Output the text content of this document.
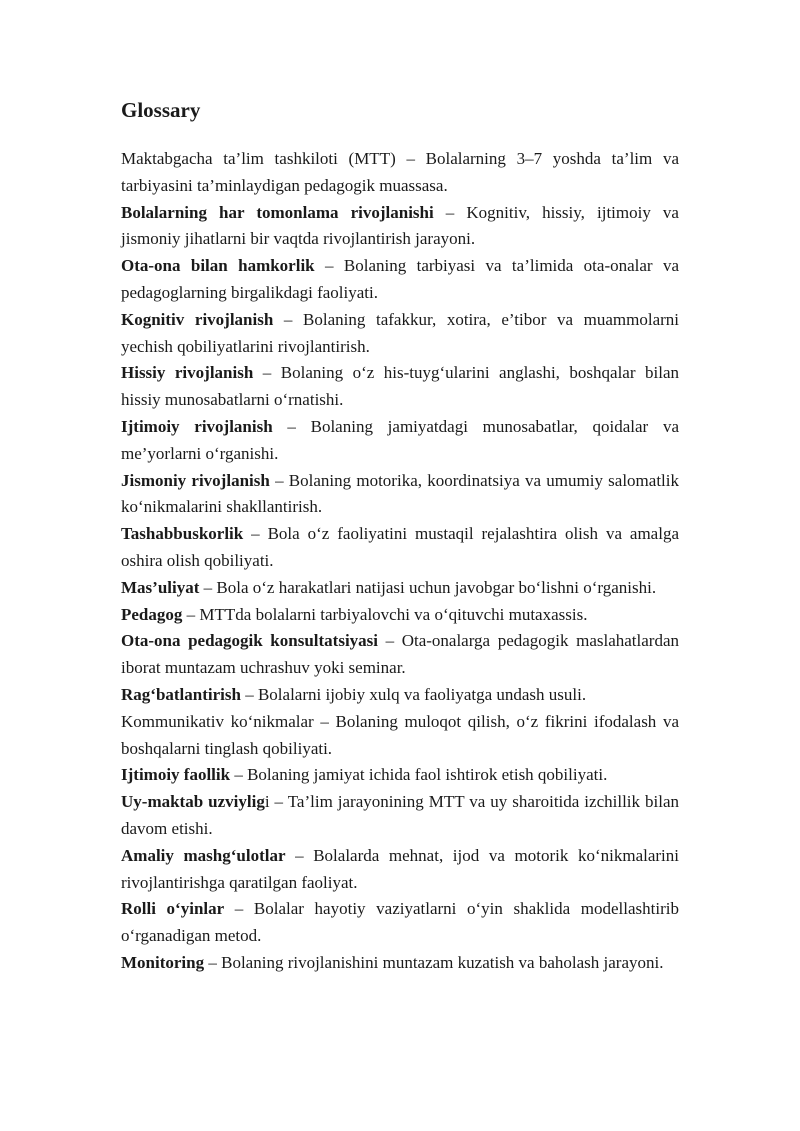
Glossary

Maktabgacha ta’lim tashkiloti (MTT) – Bolalarning 3–7 yoshda ta’lim va tarbiyasini ta’minlaydigan pedagogik muassasa.

Bolalarning har tomonlama rivojlanishi – Kognitiv, hissiy, ijtimoiy va jismoniy jihatlarni bir vaqtda rivojlantirish jarayoni.

Ota-ona bilan hamkorlik – Bolaning tarbiyasi va ta’limida ota-onalar va pedagoglarning birgalikdagi faoliyati.

Kognitiv rivojlanish – Bolaning tafakkur, xotira, e’tibor va muammolarni yechish qobiliyatlarini rivojlantirish.

Hissiy rivojlanish – Bolaning o‘z his-tuyg‘ularini anglashi, boshqalar bilan hissiy munosabatlarni o‘rnatishi.

Ijtimoiy rivojlanish – Bolaning jamiyatdagi munosabatlar, qoidalar va me’yorlarni o‘rganishi.

Jismoniy rivojlanish – Bolaning motorika, koordinatsiya va umumiy salomatlik ko‘nikmalarini shakllantirish.

Tashabbuskorlik – Bola o‘z faoliyatini mustaqil rejalashtira olish va amalga oshira olish qobiliyati.

Mas’uliyat – Bola o‘z harakatlari natijasi uchun javobgar bo‘lishni o‘rganishi.

Pedagog – MTTda bolalarni tarbiyalovchi va o‘qituvchi mutaxassis.

Ota-ona pedagogik konsultatsiyasi – Ota-onalarga pedagogik maslahatlardan iborat muntazam uchrashuv yoki seminar.

Rag‘batlantirish – Bolalarni ijobiy xulq va faoliyatga undash usuli.

Kommunikativ ko‘nikmalar – Bolaning muloqot qilish, o‘z fikrini ifodalash va boshqalarni tinglash qobiliyati.

Ijtimoiy faollik – Bolaning jamiyat ichida faol ishtirok etish qobiliyati.

Uy-maktab uzviyligi – Ta’lim jarayonining MTT va uy sharoitida izchillik bilan davom etishi.

Amaliy mashg‘ulotlar – Bolalarda mehnat, ijod va motorik ko‘nikmalarini rivojlantirishga qaratilgan faoliyat.

Rolli o‘yinlar – Bolalar hayotiy vaziyatlarni o‘yin shaklida modellashtirib o‘rganadigan metod.

Monitoring – Bolaning rivojlanishini muntazam kuzatish va baholash jarayoni.
